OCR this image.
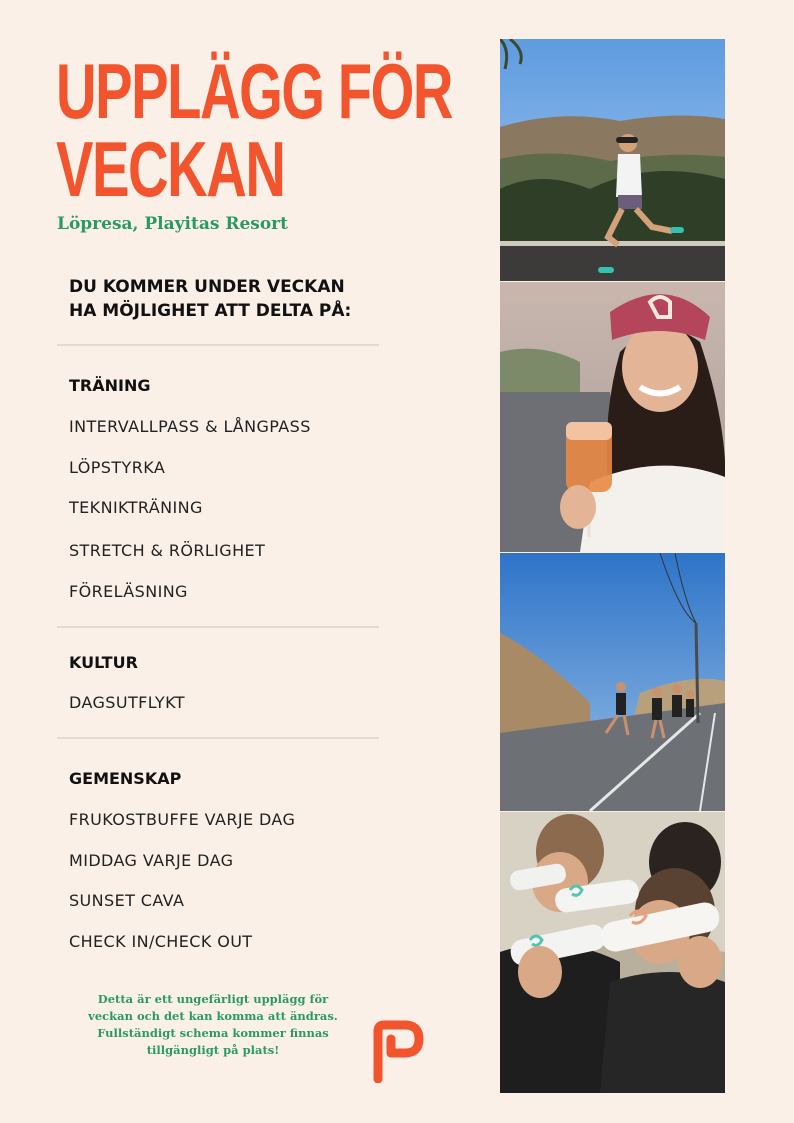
UPPLÄGG FÖR
VECKAN
Löpresa, Playitas Resort
DU KOMMER UNDER VECKAN
HA MÖJLIGHET ATT DELTA PÅ:
TRÄNING
INTERVALLPASS & LÅNGPASS
LÖPSTYRKA
TEKNIKTRÄNING
STRETCH & RÖRLIGHET
FÖRELÄSNING
KULTUR
DAGSUTFLYKT
GEMENSKAP
FRUKOSTBUFFE VARJE DAG
MIDDAG VARJE DAG
SUNSET CAVA
CHECK IN/CHECK OUT
Detta är ett ungefärligt upplägg för
veckan och det kan komma att ändras.
Fullständigt schema kommer finnas
tillgängligt på plats!
